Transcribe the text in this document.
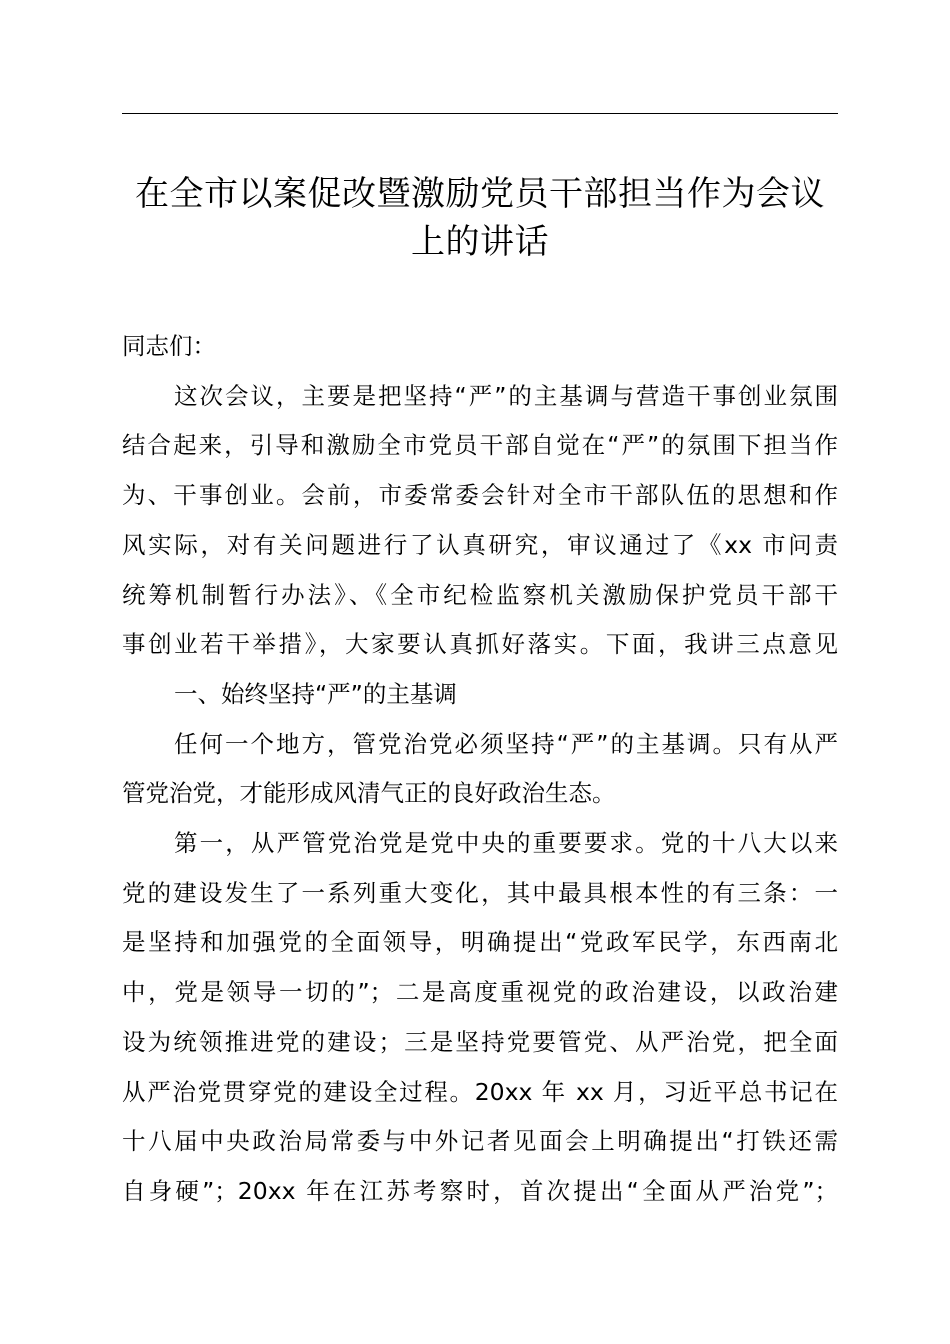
在全市以案促改暨激励党员干部担当作为会议
上的讲话
同志们：
这次会议，主要是把坚持“严”的主基调与营造干事创业氛围
结合起来，引导和激励全市党员干部自觉在“严”的氛围下担当作
为、干事创业。会前，市委常委会针对全市干部队伍的思想和作
风实际，对有关问题进行了认真研究，审议通过了《xx 市问责
统筹机制暂行办法》、《全市纪检监察机关激励保护党员干部干
事创业若干举措》，大家要认真抓好落实。下面，我讲三点意见
一、始终坚持“严”的主基调
任何一个地方，管党治党必须坚持“严”的主基调。只有从严
管党治党，才能形成风清气正的良好政治生态。
第一，从严管党治党是党中央的重要要求。党的十八大以来
党的建设发生了一系列重大变化，其中最具根本性的有三条：一
是坚持和加强党的全面领导，明确提出“党政军民学，东西南北
中，党是领导一切的”；二是高度重视党的政治建设，以政治建
设为统领推进党的建设；三是坚持党要管党、从严治党，把全面
从严治党贯穿党的建设全过程。20xx 年 xx 月，习近平总书记在
十八届中央政治局常委与中外记者见面会上明确提出“打铁还需
自身硬”；20xx 年在江苏考察时，首次提出“全面从严治党”；
